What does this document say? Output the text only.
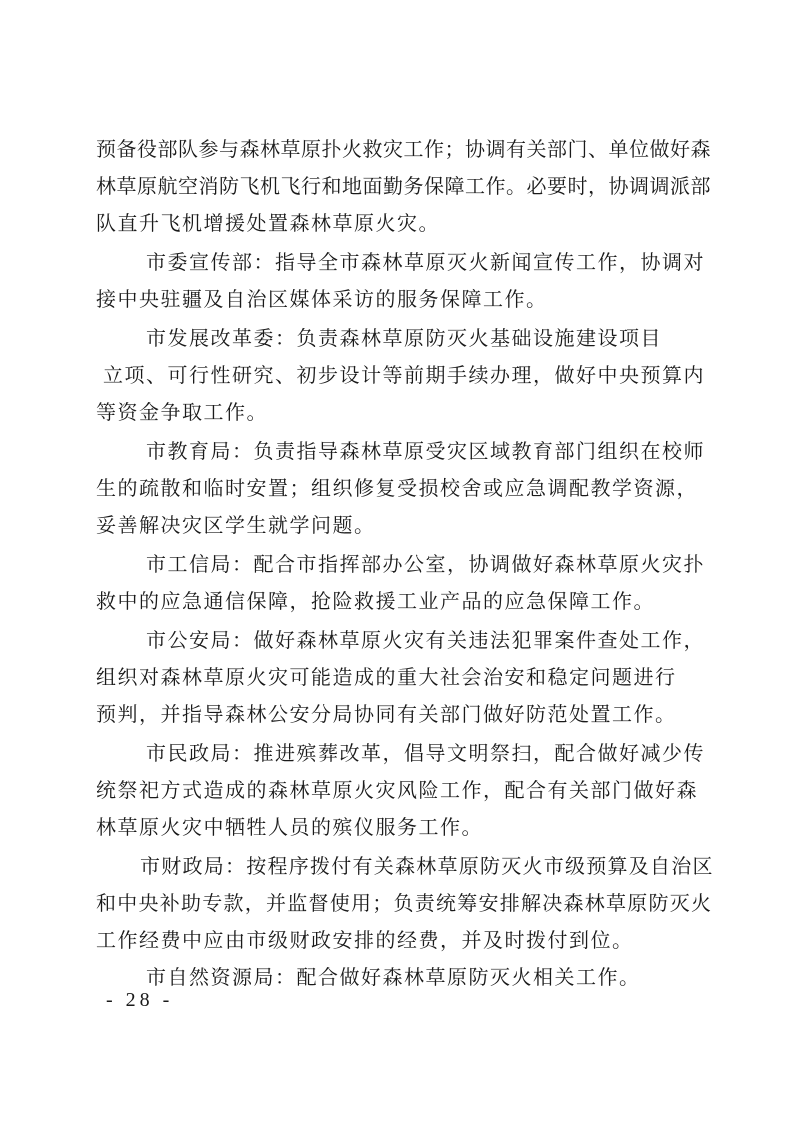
预备役部队参与森林草原扑火救灾工作；协调有关部门、单位做好森
林草原航空消防飞机飞行和地面勤务保障工作。必要时，协调调派部
队直升飞机增援处置森林草原火灾。
市委宣传部：指导全市森林草原灭火新闻宣传工作，协调对
接中央驻疆及自治区媒体采访的服务保障工作。
市发展改革委：负责森林草原防灭火基础设施建设项目
立项、可行性研究、初步设计等前期手续办理，做好中央预算内
等资金争取工作。
市教育局：负责指导森林草原受灾区域教育部门组织在校师
生的疏散和临时安置；组织修复受损校舍或应急调配教学资源，
妥善解决灾区学生就学问题。
市工信局：配合市指挥部办公室，协调做好森林草原火灾扑
救中的应急通信保障，抢险救援工业产品的应急保障工作。
市公安局：做好森林草原火灾有关违法犯罪案件查处工作，
组织对森林草原火灾可能造成的重大社会治安和稳定问题进行
预判，并指导森林公安分局协同有关部门做好防范处置工作。
市民政局：推进殡葬改革，倡导文明祭扫，配合做好减少传
统祭祀方式造成的森林草原火灾风险工作，配合有关部门做好森
林草原火灾中牺牲人员的殡仪服务工作。
市财政局：按程序拨付有关森林草原防灭火市级预算及自治区
和中央补助专款，并监督使用；负责统筹安排解决森林草原防灭火
工作经费中应由市级财政安排的经费，并及时拨付到位。
市自然资源局：配合做好森林草原防灭火相关工作。
- 28 -
